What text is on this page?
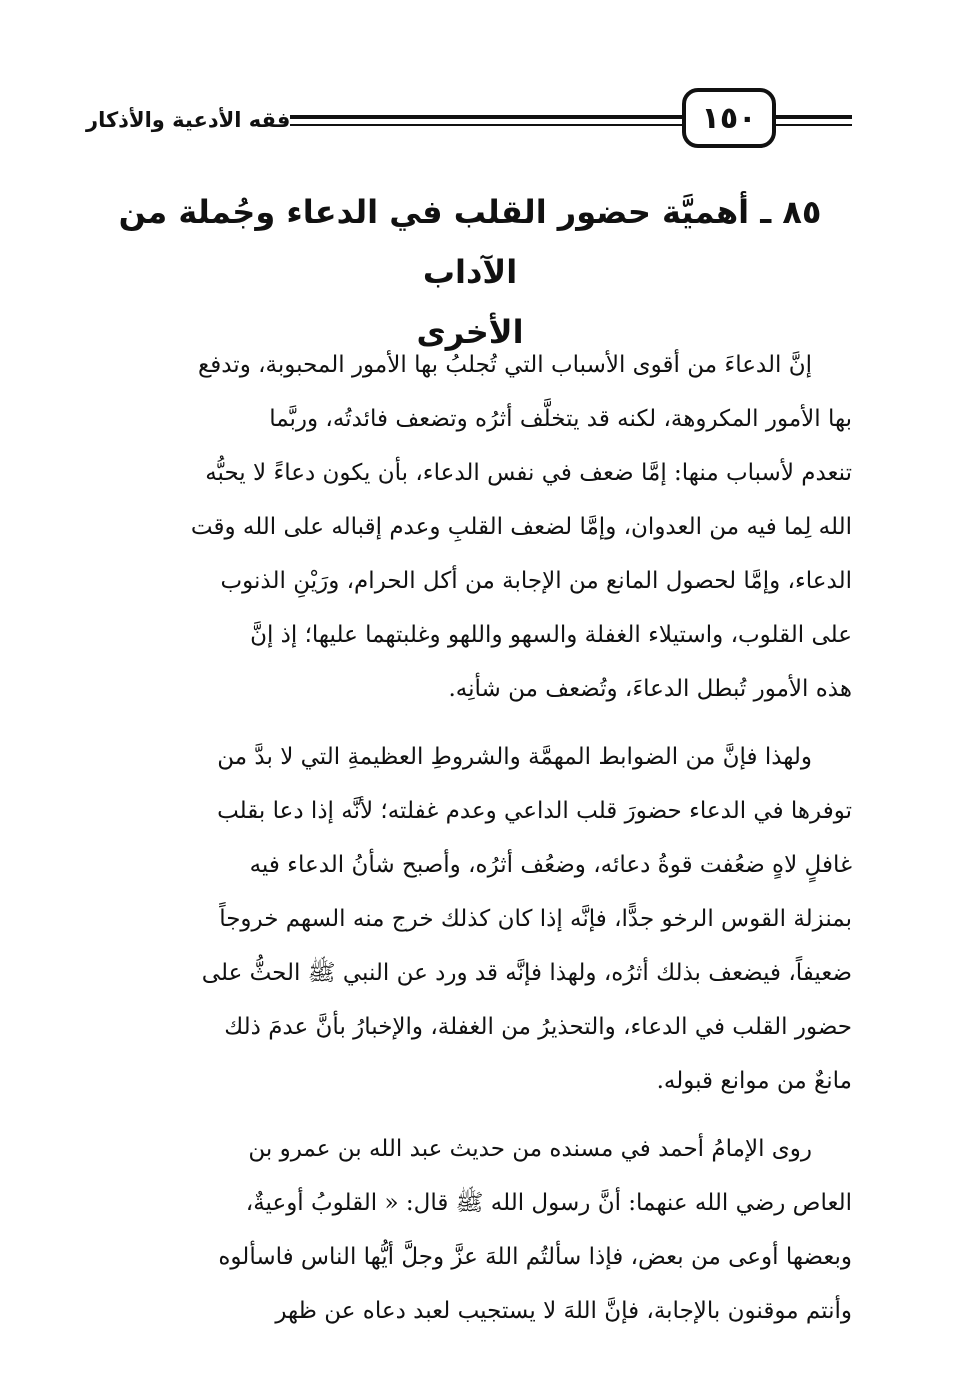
١٥٠
فقه الأدعية والأذكار
٨٥ ـ أهميَّة حضور القلب في الدعاء وجُملة من الآداب
الأخرى

إنَّ الدعاءَ من أقوى الأسباب التي تُجلبُ بها الأمور المحبوبة، وتدفع
بها الأمور المكروهة، لكنه قد يتخلَّف أثرُه وتضعف فائدتُه، وربَّما
تنعدم لأسباب منها: إمَّا ضعف في نفس الدعاء، بأن يكون دعاءً لا يحبُّه
الله لِما فيه من العدوان، وإمَّا لضعف القلبِ وعدم إقباله على الله وقت
الدعاء، وإمَّا لحصول المانع من الإجابة من أكل الحرام، ورَيْنِ الذنوب
على القلوب، واستيلاء الغفلة والسهو واللهو وغلبتهما عليها؛ إذ إنَّ
هذه الأمور تُبطل الدعاءَ، وتُضعف من شأنِه.

ولهذا فإنَّ من الضوابط المهمَّة والشروطِ العظيمةِ التي لا بدَّ من
توفرها في الدعاء حضورَ قلب الداعي وعدم غفلته؛ لأنَّه إذا دعا بقلب
غافلٍ لاهٍ ضعُفت قوةُ دعائه، وضعُف أثرُه، وأصبح شأنُ الدعاء فيه
بمنزلة القوس الرخو جدًّا، فإنَّه إذا كان كذلك خرج منه السهم خروجاً
ضعيفاً، فيضعف بذلك أثرُه، ولهذا فإنَّه قد ورد عن النبي ﷺ الحثُّ على
حضور القلب في الدعاء، والتحذيرُ من الغفلة، والإخبارُ بأنَّ عدمَ ذلك
مانعٌ من موانع قبوله.

روى الإمامُ أحمد في مسنده من حديث عبد الله بن عمرو بن
العاص رضي الله عنهما: أنَّ رسول الله ﷺ قال: « القلوبُ أوعيةٌ،
وبعضها أوعى من بعض، فإذا سألتُم اللهَ عزَّ وجلَّ أيُّها الناس فاسألوه
وأنتم موقنون بالإجابة، فإنَّ اللهَ لا يستجيب لعبد دعاه عن ظهر
